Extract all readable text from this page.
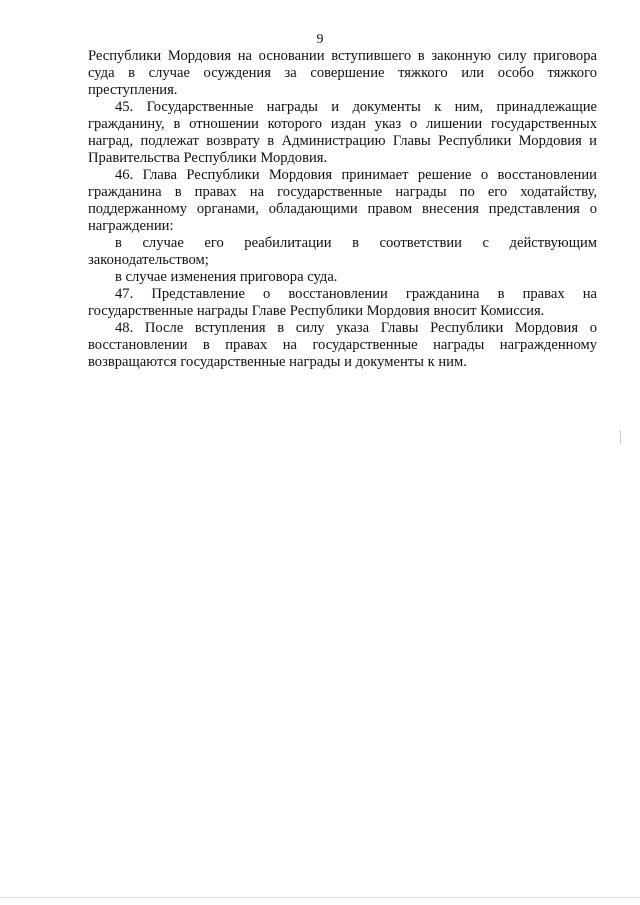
9

Республики Мордовия на основании вступившего в законную силу приговора суда в случае осуждения за совершение тяжкого или особо тяжкого преступления.

45. Государственные награды и документы к ним, принадлежащие гражданину, в отношении которого издан указ о лишении государственных наград, подлежат возврату в Администрацию Главы Республики Мордовия и Правительства Республики Мордовия.

46. Глава Республики Мордовия принимает решение о восстановлении гражданина в правах на государственные награды по его ходатайству, поддержанному органами, обладающими правом внесения представления о награждении:

в случае его реабилитации в соответствии с действующим законодательством;

в случае изменения приговора суда.

47. Представление о восстановлении гражданина в правах на государственные награды Главе Республики Мордовия вносит Комиссия.

48. После вступления в силу указа Главы Республики Мордовия о восстановлении в правах на государственные награды награжденному возвращаются государственные награды и документы к ним.
